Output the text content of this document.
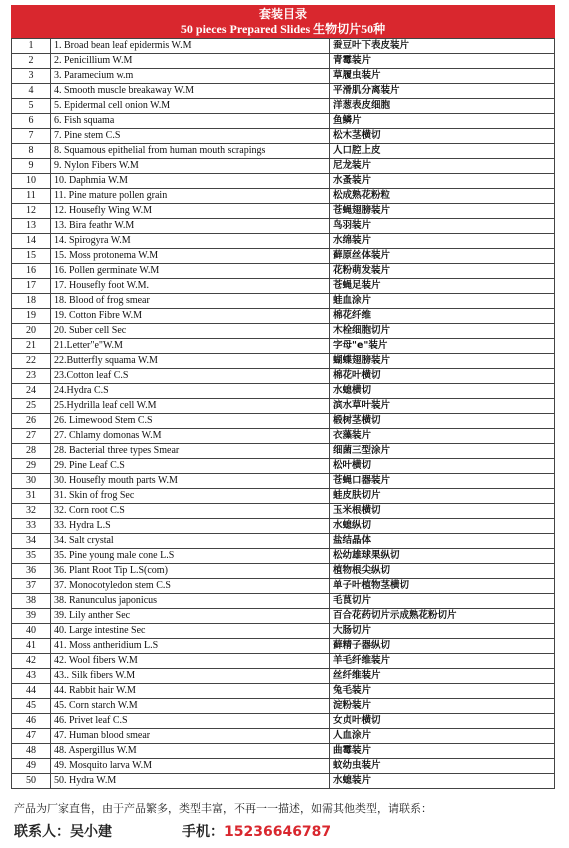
套装目录
50 pieces Prepared Slides 生物切片50种
1	1. Broad bean leaf epidermis W.M	蚕豆叶下表皮装片
2	2. Penicillium W.M	青霉装片
3	3. Paramecium w.m	草履虫装片
4	4. Smooth muscle breakaway W.M	平滑肌分离装片
5	5. Epidermal cell onion W.M	洋葱表皮细胞
6	6. Fish squama	鱼鳞片
7	7. Pine stem C.S	松木茎横切
8	8. Squamous epithelial from human mouth scrapings	人口腔上皮
9	9. Nylon Fibers W.M	尼龙装片
10	10. Daphmia W.M	水蚤装片
11	11. Pine mature pollen grain	松成熟花粉粒
12	12. Housefly Wing W.M	苍蝇翅膀装片
13	13. Bira feathr W.M	鸟羽装片
14	14. Spirogyra W.M	水绵装片
15	15. Moss protonema W.M	藓原丝体装片
16	16. Pollen germinate W.M	花粉萌发装片
17	17. Housefly foot W.M.	苍蝇足装片
18	18. Blood of frog smear	蛙血涂片
19	19. Cotton Fibre W.M	棉花纤维
20	20. Suber cell Sec	木栓细胞切片
21	21.Letter"e"W.M	字母"e"装片
22	22.Butterfly squama W.M	蝴蝶翅膀装片
23	23.Cotton leaf C.S	棉花叶横切
24	24.Hydra C.S	水螅横切
25	25.Hydrilla leaf cell W.M	滨水草叶装片
26	26. Limewood Stem C.S	椴树茎横切
27	27. Chlamy domonas W.M	衣藻装片
28	28. Bacterial three types Smear	细菌三型涂片
29	29. Pine Leaf C.S	松叶横切
30	30. Housefly mouth parts W.M	苍蝇口器装片
31	31. Skin of frog Sec	蛙皮肤切片
32	32. Corn root C.S	玉米根横切
33	33. Hydra L.S	水螅纵切
34	34. Salt crystal	盐结晶体
35	35. Pine young male cone L.S	松幼雄球果纵切
36	36. Plant Root Tip L.S(com)	植物根尖纵切
37	37. Monocotyledon stem C.S	单子叶植物茎横切
38	38. Ranunculus japonicus	毛茛切片
39	39. Lily anther Sec	百合花药切片示成熟花粉切片
40	40. Large intestine Sec	大肠切片
41	41. Moss antheridium L.S	藓精子器纵切
42	42. Wool fibers W.M	羊毛纤维装片
43	43.. Silk fibers W.M	丝纤维装片
44	44. Rabbit hair W.M	兔毛装片
45	45. Corn starch W.M	淀粉装片
46	46. Privet leaf C.S	女贞叶横切
47	47. Human blood smear	人血涂片
48	48. Aspergillus W.M	曲霉装片
49	49. Mosquito larva W.M	蚊幼虫装片
50	50. Hydra W.M	水螅装片
产品为厂家直售，由于产品繁多，类型丰富，不再一一描述，如需其他类型，请联系：
联系人：吴小建	手机：15236646787
